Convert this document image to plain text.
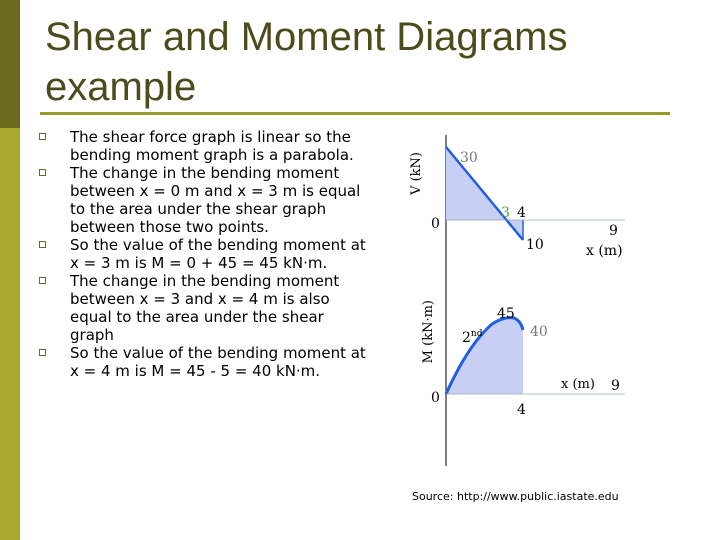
Shear and Moment Diagrams
example
The shear force graph is linear so the bending moment graph is a parabola.
The change in the bending moment between x = 0 m and x = 3 m is equal to the area under the shear graph between those two points.
So the value of the bending moment at x = 3 m is M = 0 + 45 = 45 kN·m.
The change in the bending moment between x = 3 and x = 4 m is also equal to the area under the shear graph
So the value of the bending moment at x = 4 m is M = 45 - 5 = 40 kN·m.
V (kN)	30
0
3 4
10
9
x (m)
M (kN·m)	45
2nd	40
0
x (m) 9
4
Source: http://www.public.iastate.edu
